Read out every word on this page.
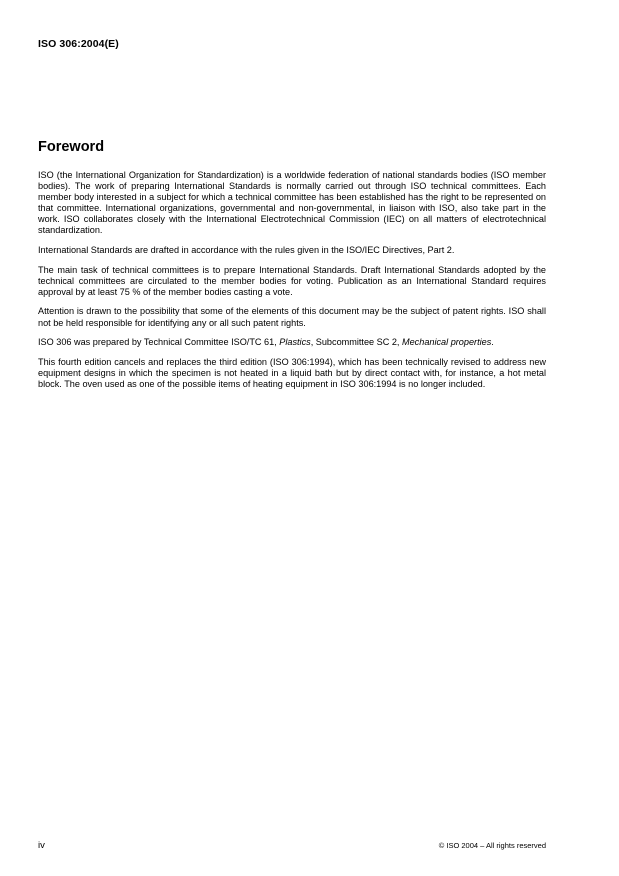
ISO 306:2004(E)
Foreword

ISO (the International Organization for Standardization) is a worldwide federation of national standards bodies (ISO member bodies). The work of preparing International Standards is normally carried out through ISO technical committees. Each member body interested in a subject for which a technical committee has been established has the right to be represented on that committee. International organizations, governmental and non-governmental, in liaison with ISO, also take part in the work. ISO collaborates closely with the International Electrotechnical Commission (IEC) on all matters of electrotechnical standardization.

International Standards are drafted in accordance with the rules given in the ISO/IEC Directives, Part 2.

The main task of technical committees is to prepare International Standards. Draft International Standards adopted by the technical committees are circulated to the member bodies for voting. Publication as an International Standard requires approval by at least 75 % of the member bodies casting a vote.

Attention is drawn to the possibility that some of the elements of this document may be the subject of patent rights. ISO shall not be held responsible for identifying any or all such patent rights.

ISO 306 was prepared by Technical Committee ISO/TC 61, Plastics, Subcommittee SC 2, Mechanical properties.

This fourth edition cancels and replaces the third edition (ISO 306:1994), which has been technically revised to address new equipment designs in which the specimen is not heated in a liquid bath but by direct contact with, for instance, a hot metal block. The oven used as one of the possible items of heating equipment in ISO 306:1994 is no longer included.

iv	© ISO 2004 – All rights reserved
